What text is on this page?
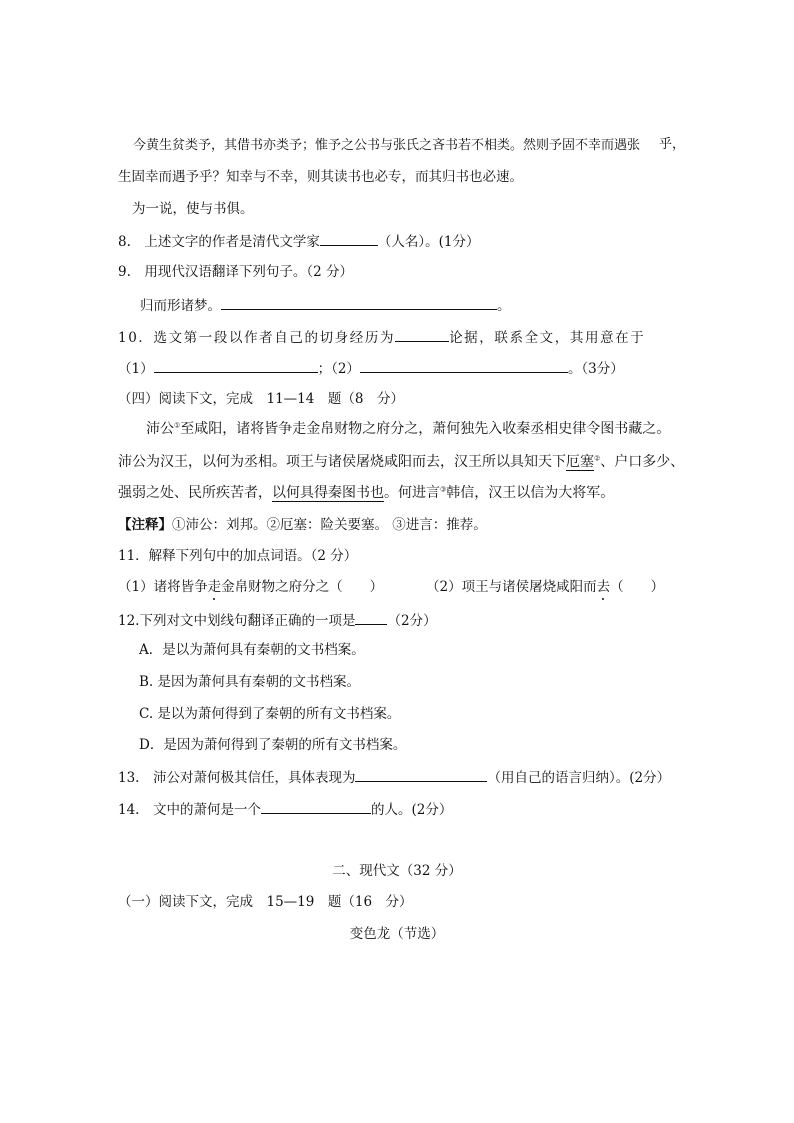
今黄生贫类予，其借书亦类予；惟予之公书与张氏之吝书若不相类。然则予固不幸而遇张 乎，
生固幸而遇予乎？知幸与不幸，则其读书也必专，而其归书也必速。
为一说，使与书俱。
8.　上述文字的作者是清代文学家	（人名）。(1分）
9.　用现代汉语翻译下列句子。（2 分）
归而形诸梦。	。
10．选文第一段以作者自己的切身经历为	论据，联系全文，其用意在于
（1）	；（2）	。（3分）
（四）阅读下文，完成　11—14　题（8　分）
沛公①至咸阳，诸将皆争走金帛财物之府分之，萧何独先入收秦丞相史律令图书藏之。
沛公为汉王，以何为丞相。项王与诸侯屠烧咸阳而去，汉王所以具知天下厄塞②、户口多少、
强弱之处、民所疾苦者，以何具得秦图书也。何进言③韩信，汉王以信为大将军。
【注释】①沛公：刘邦。②厄塞：险关要塞。 ③进言：推荐。
11．解释下列句中的加点词语。（2 分）
（1）诸将皆争走金帛财物之府分之（　　）	（2）项王与诸侯屠烧咸阳而去（　　）
12.下列对文中划线句翻译正确的一项是 （2分）
A．是以为萧何具有秦朝的文书档案。
B. 是因为萧何具有秦朝的文书档案。
C. 是以为萧何得到了秦朝的所有文书档案。
D．是因为萧何得到了秦朝的所有文书档案。
13.　沛公对萧何极其信任，具体表现为	（用自己的语言归纳）。(2分）
14.　文中的萧何是一个	的人。(2分）
二、现代文（32 分）
（一）阅读下文，完成　15—19　题（16　分）
变色龙（节选）
